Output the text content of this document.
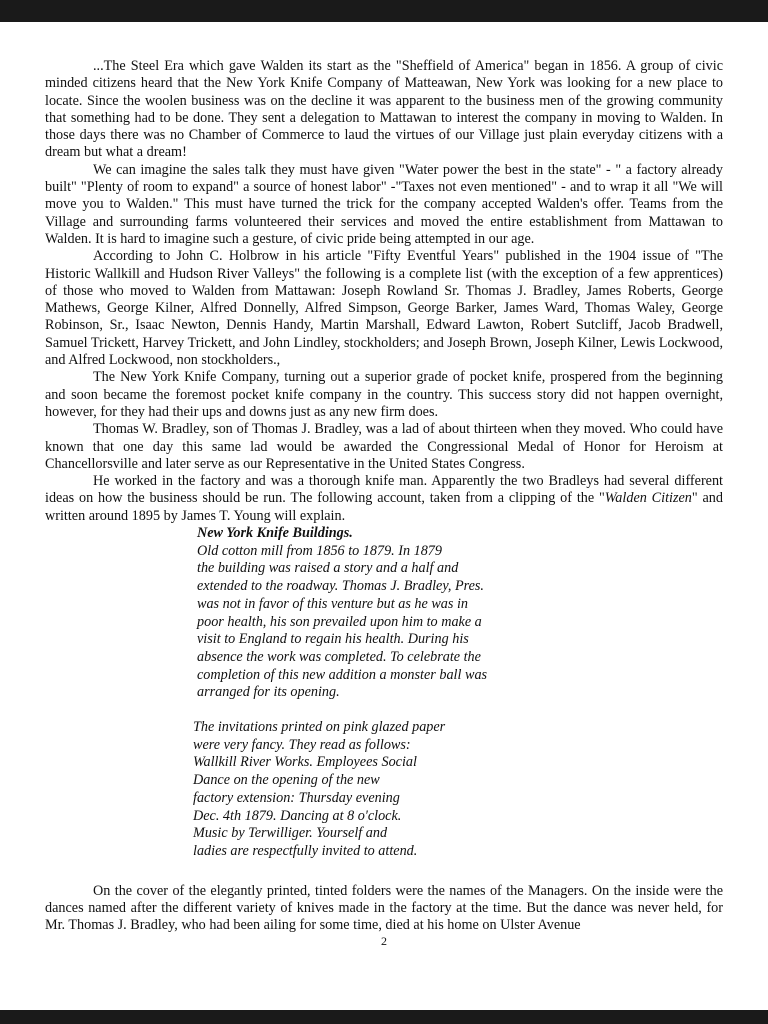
...The Steel Era which gave Walden its start as the "Sheffield of America" began in 1856. A group of civic minded citizens heard that the New York Knife Company of Matteawan, New York was looking for a new place to locate. Since the woolen business was on the decline it was apparent to the business men of the growing community that something had to be done. They sent a delegation to Mattawan to interest the company in moving to Walden. In those days there was no Chamber of Commerce to laud the virtues of our Village just plain everyday citizens with a dream but what a dream!

We can imagine the sales talk they must have given "Water power the best in the state" - " a factory already built" "Plenty of room to expand" a source of honest labor" -"Taxes not even mentioned" - and to wrap it all "We will move you to Walden." This must have turned the trick for the company accepted Walden's offer. Teams from the Village and surrounding farms volunteered their services and moved the entire establishment from Mattawan to Walden. It is hard to imagine such a gesture, of civic pride being attempted in our age.

According to John C. Holbrow in his article "Fifty Eventful Years" published in the 1904 issue of "The Historic Wallkill and Hudson River Valleys" the following is a complete list (with the exception of a few apprentices) of those who moved to Walden from Mattawan: Joseph Rowland Sr. Thomas J. Bradley, James Roberts, George Mathews, George Kilner, Alfred Donnelly, Alfred Simpson, George Barker, James Ward, Thomas Waley, George Robinson, Sr., Isaac Newton, Dennis Handy, Martin Marshall, Edward Lawton, Robert Sutcliff, Jacob Bradwell, Samuel Trickett, Harvey Trickett, and John Lindley, stockholders; and Joseph Brown, Joseph Kilner, Lewis Lockwood, and Alfred Lockwood, non stockholders.,

The New York Knife Company, turning out a superior grade of pocket knife, prospered from the beginning and soon became the foremost pocket knife company in the country. This success story did not happen overnight, however, for they had their ups and downs just as any new firm does.

Thomas W. Bradley, son of Thomas J. Bradley, was a lad of about thirteen when they moved. Who could have known that one day this same lad would be awarded the Congressional Medal of Honor for Heroism at Chancellorsville and later serve as our Representative in the United States Congress.

He worked in the factory and was a thorough knife man. Apparently the two Bradleys had several different ideas on how the business should be run. The following account, taken from a clipping of the "Walden Citizen" and written around 1895 by James T. Young will explain.

New York Knife Buildings.
Old cotton mill from 1856 to 1879. In 1879
the building was raised a story and a half and
extended to the roadway. Thomas J. Bradley, Pres.
was not in favor of this venture but as he was in
poor health, his son prevailed upon him to make a
visit to England to regain his health. During his
absence the work was completed. To celebrate the
completion of this new addition a monster ball was
arranged for its opening.
The invitations printed on pink glazed paper
were very fancy. They read as follows:
Wallkill River Works. Employees Social
Dance on the opening of the new
factory extension: Thursday evening
Dec. 4th 1879. Dancing at 8 o'clock.
Music by Terwilliger. Yourself and
ladies are respectfully invited to attend.

On the cover of the elegantly printed, tinted folders were the names of the Managers. On the inside were the dances named after the different variety of knives made in the factory at the time. But the dance was never held, for Mr. Thomas J. Bradley, who had been ailing for some time, died at his home on Ulster Avenue

2
